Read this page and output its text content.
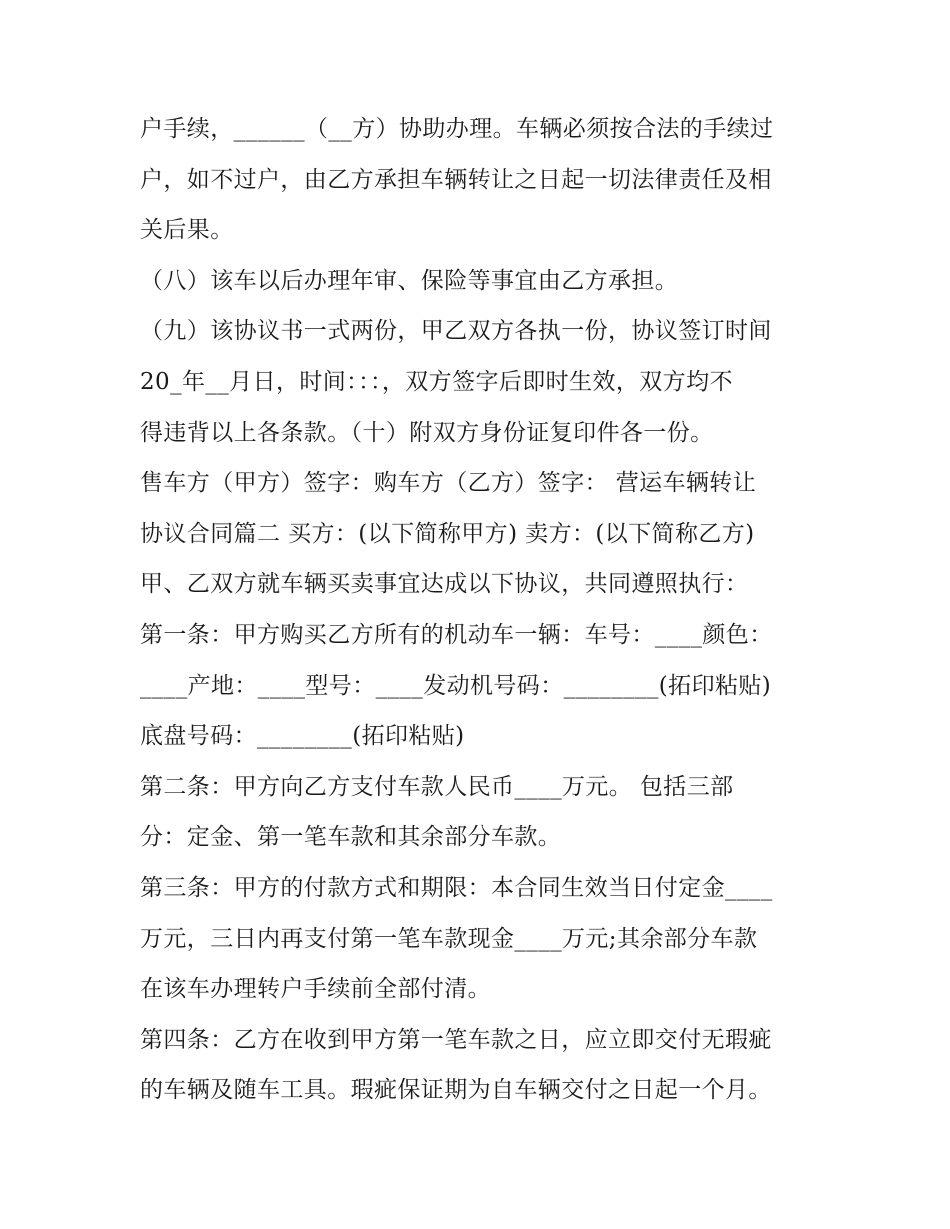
户手续，______（__方）协助办理。车辆必须按合法的手续过
户，如不过户，由乙方承担车辆转让之日起一切法律责任及相
关后果。
（八）该车以后办理年审、保险等事宜由乙方承担。
（九）该协议书一式两份，甲乙双方各执一份，协议签订时间
20_年__月日，时间：：：，双方签字后即时生效，双方均不
得违背以上各条款。（十）附双方身份证复印件各一份。
售车方（甲方）签字：购车方（乙方）签字： 营运车辆转让
协议合同篇二 买方：(以下简称甲方) 卖方：(以下简称乙方)
甲、乙双方就车辆买卖事宜达成以下协议，共同遵照执行：
第一条：甲方购买乙方所有的机动车一辆：车号：____颜色：
____产地：____型号：____发动机号码：________(拓印粘贴)
底盘号码：________(拓印粘贴)
第二条：甲方向乙方支付车款人民币____万元。 包括三部
分：定金、第一笔车款和其余部分车款。
第三条：甲方的付款方式和期限：本合同生效当日付定金____
万元，三日内再支付第一笔车款现金____万元;其余部分车款
在该车办理转户手续前全部付清。
第四条：乙方在收到甲方第一笔车款之日，应立即交付无瑕疵
的车辆及随车工具。瑕疵保证期为自车辆交付之日起一个月。
